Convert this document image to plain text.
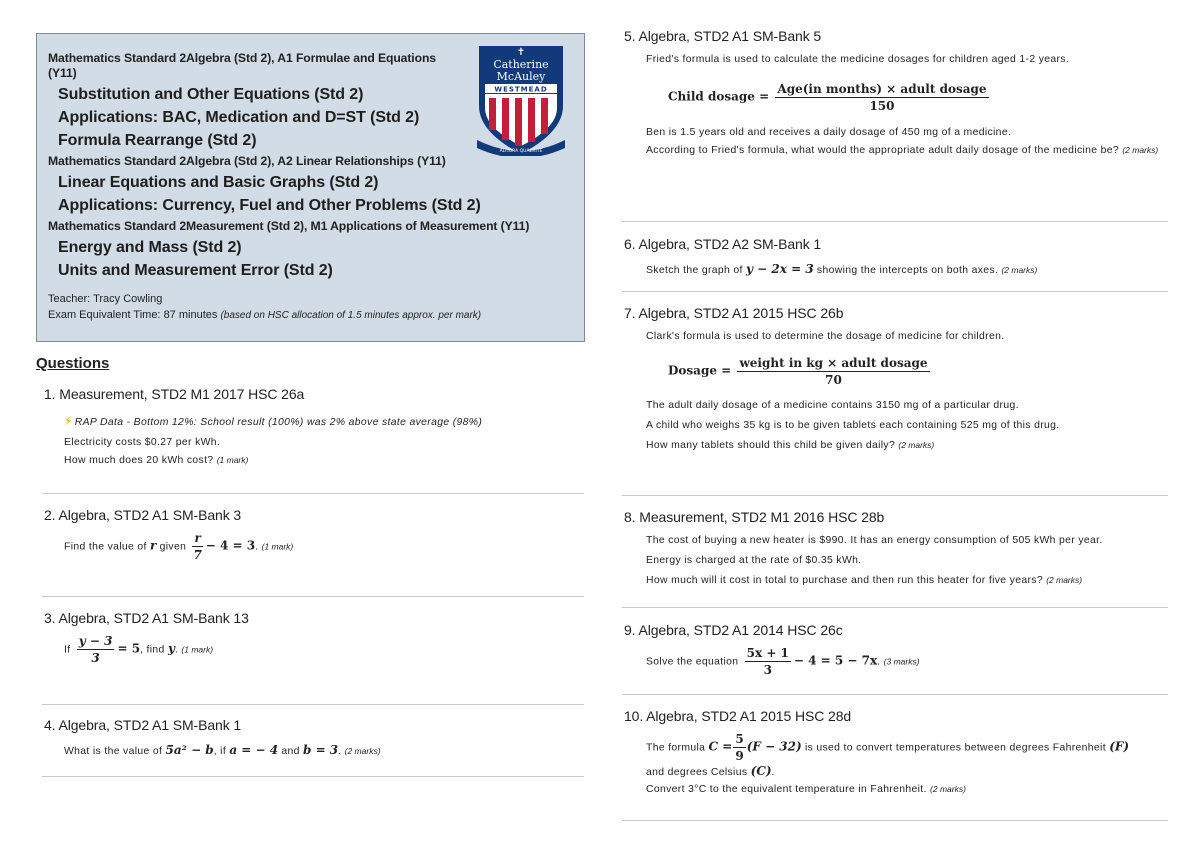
Mathematics Standard 2Algebra (Std 2), A1 Formulae and Equations (Y11)
Substitution and Other Equations (Std 2)
Applications: BAC, Medication and D=ST (Std 2)
Formula Rearrange (Std 2)
Mathematics Standard 2Algebra (Std 2), A2 Linear Relationships (Y11)
Linear Equations and Basic Graphs (Std 2)
Applications: Currency, Fuel and Other Problems (Std 2)
Mathematics Standard 2Measurement (Std 2), M1 Applications of Measurement (Y11)
Energy and Mass (Std 2)
Units and Measurement Error (Std 2)
Teacher: Tracy Cowling
Exam Equivalent Time: 87 minutes (based on HSC allocation of 1.5 minutes approx. per mark)
WESTMEAD
✝
Catherine
McAuley
ALTIORA QUAERITE
Questions
1. Measurement, STD2 M1 2017 HSC 26a

⚡ RAP Data - Bottom 12%: School result (100%) was 2% above state average (98%)

Electricity costs $0.27 per kWh.

How much does 20 kWh cost? (1 mark)

2. Algebra, STD2 A1 SM-Bank 3
Find the value of r given $\frac{r}{7} - 4 = 3$. (1 mark)
3. Algebra, STD2 A1 SM-Bank 13
If $\frac{y - 3}{3} = 5$, find y. (1 mark)
4. Algebra, STD2 A1 SM-Bank 1
What is the value of 5a² − b, if a = − 4 and b = 3. (2 marks)
5. Algebra, STD2 A1 SM-Bank 5

Fried's formula is used to calculate the medicine dosages for children aged 1-2 years.

Child dosage = $\frac{\text{Age(in months) × adult dosage}}{150}$

Ben is 1.5 years old and receives a daily dosage of 450 mg of a medicine.

According to Fried's formula, what would the appropriate adult daily dosage of the medicine be? (2 marks)

6. Algebra, STD2 A2 SM-Bank 1
Sketch the graph of y − 2x = 3 showing the intercepts on both axes. (2 marks)
7. Algebra, STD2 A1 2015 HSC 26b

Clark's formula is used to determine the dosage of medicine for children.

Dosage = $\frac{\text{weight in kg × adult dosage}}{70}$

The adult daily dosage of a medicine contains 3150 mg of a particular drug.

A child who weighs 35 kg is to be given tablets each containing 525 mg of this drug.

How many tablets should this child be given daily? (2 marks)

8. Measurement, STD2 M1 2016 HSC 28b

The cost of buying a new heater is $990. It has an energy consumption of 505 kWh per year.

Energy is charged at the rate of $0.35 kWh.

How much will it cost in total to purchase and then run this heater for five years? (2 marks)

9. Algebra, STD2 A1 2014 HSC 26c
Solve the equation $\frac{5x + 1}{3} - 4 = 5 - 7x$. (3 marks)
10. Algebra, STD2 A1 2015 HSC 28d

The formula $C = \frac{5}{9} (F - 32)$ is used to convert temperatures between degrees Fahrenheit (F)

and degrees Celsius (C).

Convert 3°C to the equivalent temperature in Fahrenheit. (2 marks)
